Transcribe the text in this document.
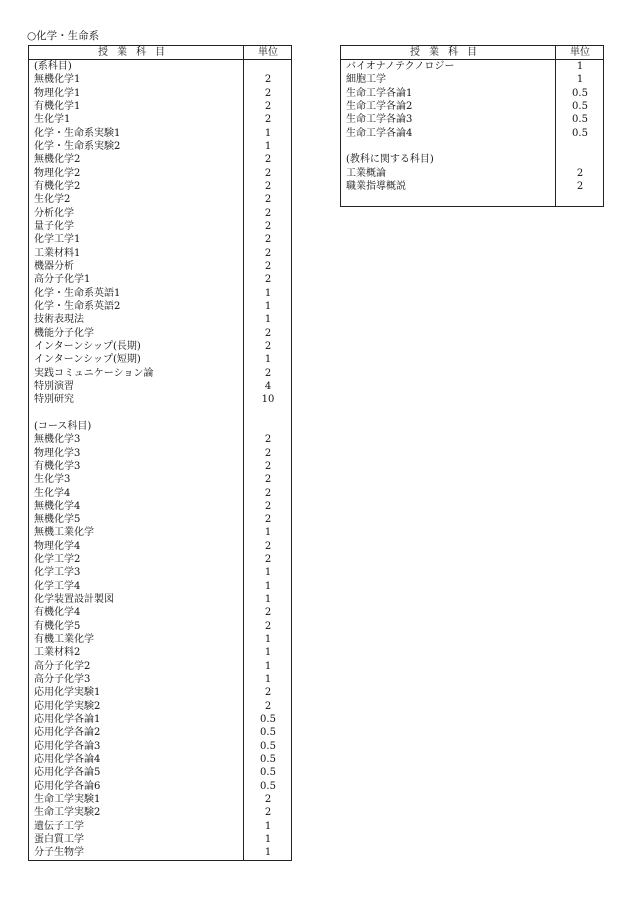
○化学・生命系
授業科目	単位
(系科目)
無機化学1	2
物理化学1	2
有機化学1	2
生化学1	2
化学・生命系実験1	1
化学・生命系実験2	1
無機化学2	2
物理化学2	2
有機化学2	2
生化学2	2
分析化学	2
量子化学	2
化学工学1	2
工業材料1	2
機器分析	2
高分子化学1	2
化学・生命系英語1	1
化学・生命系英語2	1
技術表現法	1
機能分子化学	2
インターンシップ(長期)	2
インターンシップ(短期)	1
実践コミュニケーション論	2
特別演習	4
特別研究	10
(コース科目)
無機化学3	2
物理化学3	2
有機化学3	2
生化学3	2
生化学4	2
無機化学4	2
無機化学5	2
無機工業化学	1
物理化学4	2
化学工学2	2
化学工学3	1
化学工学4	1
化学装置設計製図	1
有機化学4	2
有機化学5	2
有機工業化学	1
工業材料2	1
高分子化学2	1
高分子化学3	1
応用化学実験1	2
応用化学実験2	2
応用化学各論1	0.5
応用化学各論2	0.5
応用化学各論3	0.5
応用化学各論4	0.5
応用化学各論5	0.5
応用化学各論6	0.5
生命工学実験1	2
生命工学実験2	2
遺伝子工学	1
蛋白質工学	1
分子生物学	1
授業科目	単位
バイオナノテクノロジー	1
細胞工学	1
生命工学各論1	0.5
生命工学各論2	0.5
生命工学各論3	0.5
生命工学各論4	0.5
(教科に関する科目)
工業概論	2
職業指導概説	2
